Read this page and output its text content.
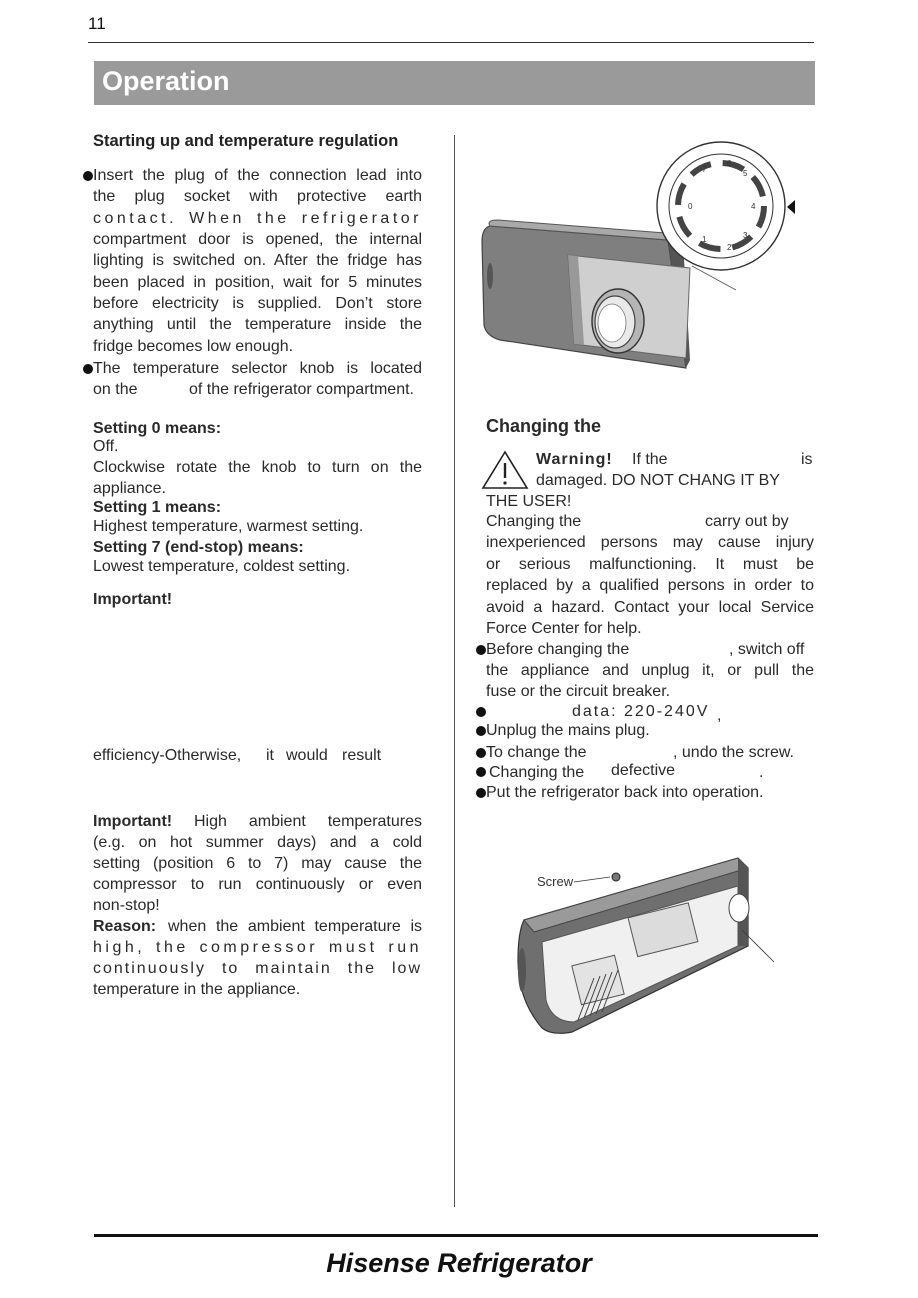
11
Operation
Starting up and temperature regulation
Insert the plug of the connection lead into
the plug socket with protective earth
contact. When the refrigerator
compartment door is opened, the internal
lighting is switched on. After the fridge has
been placed in position, wait for 5 minutes
before electricity is supplied. Don’t store
anything until the temperature inside the
fridge becomes low enough.
The temperature selector knob is located
on the	of the refrigerator compartment.
Setting 0 means:
Off.
Clockwise rotate the knob to turn on the
appliance.
Setting 1 means:
Highest temperature, warmest setting.
Setting 7 (end-stop) means:
Lowest temperature, coldest setting.
Important!
efficiency-Otherwise, it would result
Important! High ambient temperatures
(e.g. on hot summer days) and a cold
setting (position 6 to 7) may cause the
compressor to run continuously or even
non-stop!
Reason: when the ambient temperature is
high, the compressor must run
continuously to maintain the low
temperature in the appliance.
7
6
5
0	4
1
2
3
Changing the
Warning! If the	is
damaged. DO NOT CHANG IT BY
THE USER!
Changing the	carry out by
inexperienced persons may cause injury
or serious malfunctioning. It must be
replaced by a qualified persons in order to
avoid a hazard. Contact your local Service
Force Center for help.
Before changing the	, switch off
the appliance and unplug it, or pull the
fuse or the circuit breaker.
data: 220-240V ,
Unplug the mains plug.
To change the	, undo the screw.
Changing the defective	.
Put the refrigerator back into operation.
Screw
Hisense Refrigerator
